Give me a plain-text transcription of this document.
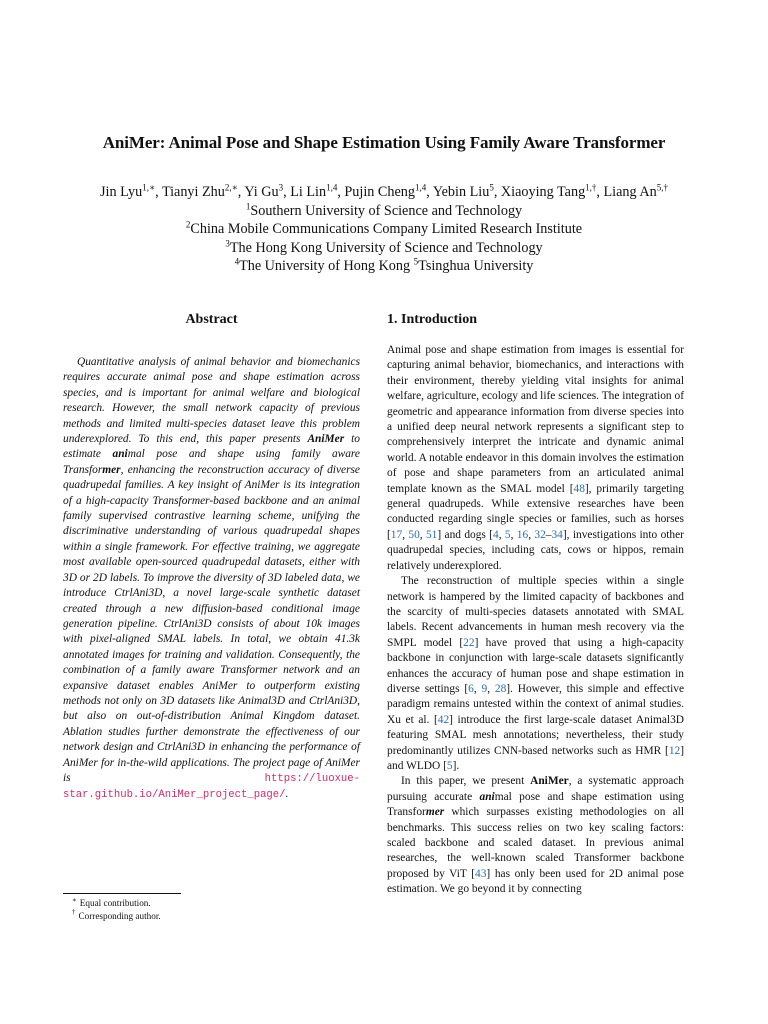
AniMer: Animal Pose and Shape Estimation Using Family Aware Transformer
Jin Lyu$^{1,∗}$, Tianyi Zhu$^{2,∗}$, Yi Gu$^3$, Li Lin$^{1,4}$, Pujin Cheng$^{1,4}$, Yebin Liu$^5$, Xiaoying Tang$^{1,\dagger}$, Liang $An^{5,\dagger}$
$^1$Southern University of Science and Technology
$^2$China Mobile Communications Company Limited Research Institute
$^3$The Hong Kong University of Science and Technology
$^4$The University of Hong Kong $^5$Tsinghua University
Abstract	1. Introduction

Quantitative analysis of animal behavior and biomechanics requires accurate animal pose and shape estimation across species, and is important for animal welfare and biological research. However, the small network capacity of previous methods and limited multi-species dataset leave this problem underexplored. To this end, this paper presents AniMer to estimate animal pose and shape using family aware Transformer, enhancing the reconstruction accuracy of diverse quadrupedal families. A key insight of AniMer is its integration of a high-capacity Transformer-based backbone and an animal family supervised contrastive learning scheme, unifying the discriminative understanding of various quadrupedal shapes within a single framework. For effective training, we aggregate most available open-sourced quadrupedal datasets, either with 3D or 2D labels. To improve the diversity of 3D labeled data, we introduce CtrlAni3D, a novel large-scale synthetic dataset created through a new diffusion-based conditional image generation pipeline. CtrlAni3D consists of about 10k images with pixel-aligned SMAL labels. In total, we obtain 41.3k annotated images for training and validation. Consequently, the combination of a family aware Transformer network and an expansive dataset enables AniMer to outperform existing methods not only on 3D datasets like Animal3D and CtrlAni3D, but also on out-of-distribution Animal Kingdom dataset. Ablation studies further demonstrate the effectiveness of our network design and CtrlAni3D in enhancing the performance of AniMer for in-the-wild applications. The project page of AniMer is https://luoxue-star.github.io/AniMer_project_page/.

Animal pose and shape estimation from images is essential for capturing animal behavior, biomechanics, and interactions with their environment, thereby yielding vital insights for animal welfare, agriculture, ecology and life sciences. The integration of geometric and appearance information from diverse species into a unified deep neural network represents a significant step to comprehensively interpret the intricate and dynamic animal world. A notable endeavor in this domain involves the estimation of pose and shape parameters from an articulated animal template known as the SMAL model [48], primarily targeting general quadrupeds. While extensive researches have been conducted regarding single species or families, such as horses [17, 50, 51] and dogs [4, 5, 16, 32–34], investigations into other quadrupedal species, including cats, cows or hippos, remain relatively underexplored.

The reconstruction of multiple species within a single network is hampered by the limited capacity of backbones and the scarcity of multi-species datasets annotated with SMAL labels. Recent advancements in human mesh recovery via the SMPL model [22] have proved that using a high-capacity backbone in conjunction with large-scale datasets significantly enhances the accuracy of human pose and shape estimation in diverse settings [6, 9, 28]. However, this simple and effective paradigm remains untested within the context of animal studies. Xu et al. [42] introduce the first large-scale dataset Animal3D featuring SMAL mesh annotations; nevertheless, their study predominantly utilizes CNN-based networks such as HMR [12] and WLDO [5].

In this paper, we present AniMer, a systematic approach pursuing accurate animal pose and shape estimation using Transformer which surpasses existing methodologies on all benchmarks. This success relies on two key scaling factors: scaled backbone and scaled dataset. In previous animal researches, the well-known scaled Transformer backbone proposed by ViT [43] has only been used for 2D animal pose estimation. We go beyond it by connecting

∗ Equal contribution.
† Corresponding author.
